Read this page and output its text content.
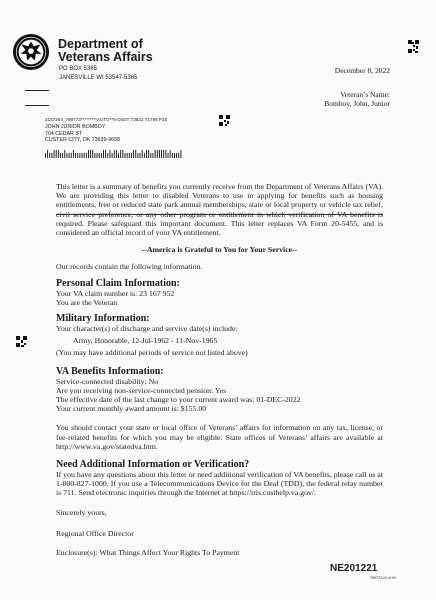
Department of
Veterans Affairs
PO BOX 5365
JANESVILLE WI 53547-5365
December 8, 2022
Veteran’s Name:
Bomboy, John, Junior
2157284_769773*********AUTO**5-DIGIT 73632 T1798 P28
JOHN JUNIOR BOMBOY
704 CEDAR ST
CUSTER CITY, OK 73639-9608

This letter is a summary of benefits you currently receive from the Department of Veterans Affairs (VA). We are providing this letter to disabled Veterans to use in applying for benefits such as housing entitlements, free or reduced state park annual memberships, state or local property or vehicle tax relief, civil service preference, or any other program or entitlement in which verification of VA benefits is required. Please safeguard this important document. This letter replaces VA Form 20-5455, and is considered an official record of your VA entitlement.

--America is Grateful to You for Your Service--

Our records contain the following information.

Personal Claim Information:

Your VA claim number is: 23 167 952

You are the Veteran

Military Information:

Your character(s) of discharge and service date(s) include:

Army, Honorable, 12-Jul-1962 - 11-Nov-1965

(You may have additional periods of service not listed above)

VA Benefits Information:

Service-connected disability: No

Are you receiving non-service-connected pension: Yes

The effective date of the last change to your current award was: 01-DEC-2022

Your current monthly award amount is: $155.00

You should contact your state or local office of Veterans’ affairs for information on any tax, license, or fee-related benefits for which you may be eligible. State offices of Veterans’ affairs are available at http://www.va.gov/statedva.htm.

Need Additional Information or Verification?

If you have any questions about this letter or need additional verification of VA benefits, please call us at 1-800-827-1000. If you use a Telecommunications Device for the Deaf (TDD), the federal relay number is 711. Send electronic inquiries through the Internet at https://iris.custhelp.va.gov/.

Sincerely yours,

Regional Office Director

Enclosure(s): What Things Affect Your Rights To Payment

NE201221
769773-01 of 00
